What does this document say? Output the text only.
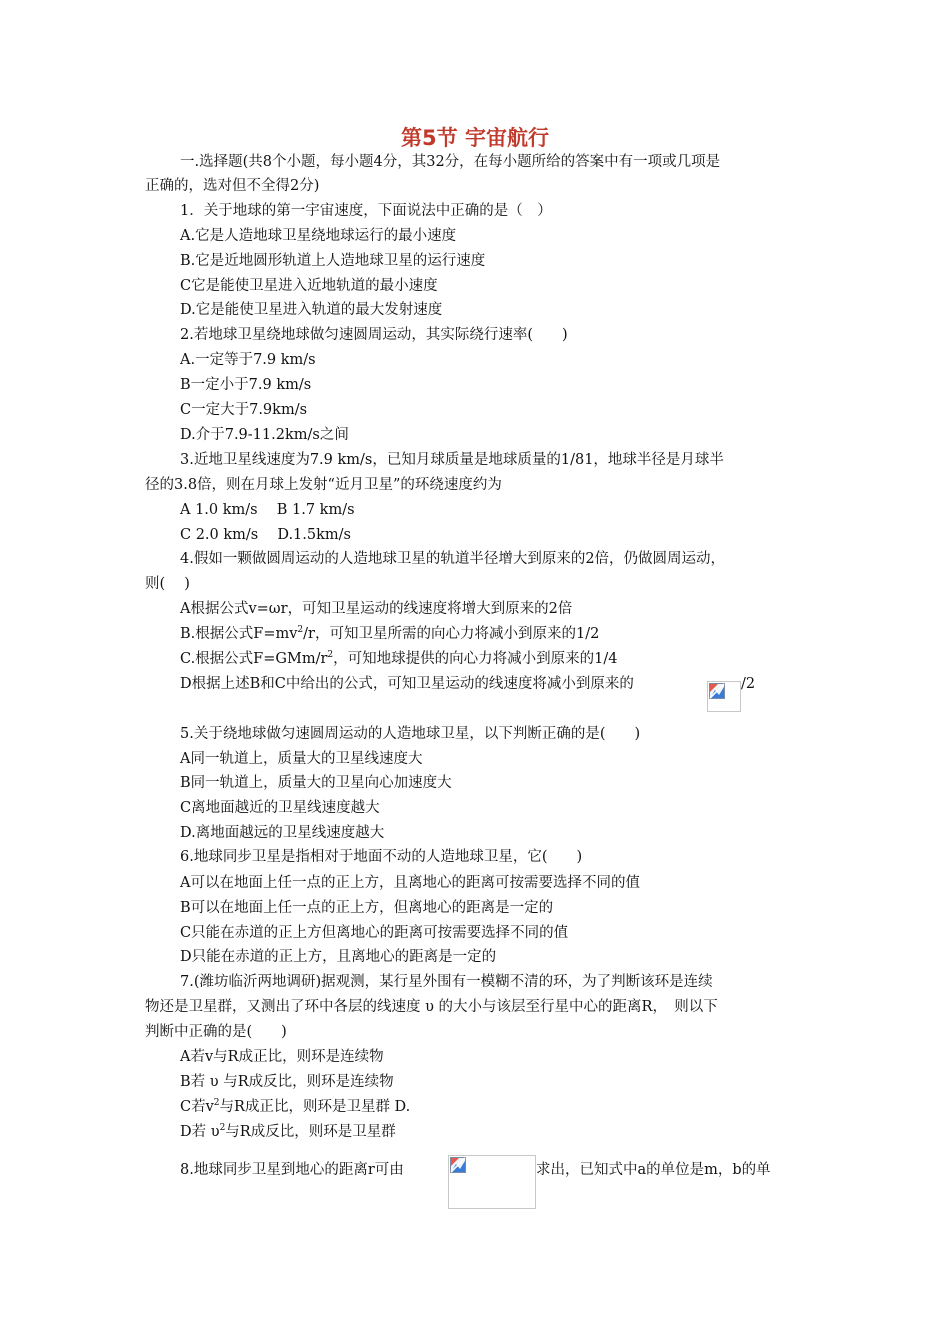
第5节 宇宙航行
一.选择题(共8个小题，每小题4分，其32分，在每小题所给的答案中有一项或几项是
正确的，选对但不全得2分)
1．关于地球的第一宇宙速度，下面说法中正确的是（　）
A.它是人造地球卫星绕地球运行的最小速度
B.它是近地圆形轨道上人造地球卫星的运行速度
C它是能使卫星进入近地轨道的最小速度
D.它是能使卫星进入轨道的最大发射速度
2.若地球卫星绕地球做匀速圆周运动，其实际绕行速率(　　)
A.一定等于7.9 km/s
B一定小于7.9 km/s
C一定大于7.9km/s
D.介于7.9-11.2km/s之间
3.近地卫星线速度为7.9 km/s，已知月球质量是地球质量的1/81，地球半径是月球半
径的3.8倍，则在月球上发射“近月卫星”的环绕速度约为
A 1.0 km/s　 B 1.7 km/s
C 2.0 km/s　 D.1.5km/s
4.假如一颗做圆周运动的人造地球卫星的轨道半径增大到原来的2倍，仍做圆周运动，
则(　 )
A根据公式v=ωr，可知卫星运动的线速度将增大到原来的2倍
B.根据公式$F=mv^2/r$，可知卫星所需的向心力将减小到原来的1/2
C.根据公式$F=GMm/r^2$，可知地球提供的向心力将减小到原来的1/4
D根据上述B和C中给出的公式，可知卫星运动的线速度将减小到原来的	/2
5.关于绕地球做匀速圆周运动的人造地球卫星，以下判断正确的是(　　)
A同一轨道上，质量大的卫星线速度大
B同一轨道上，质量大的卫星向心加速度大
C离地面越近的卫星线速度越大
D.离地面越远的卫星线速度越大
6.地球同步卫星是指相对于地面不动的人造地球卫星，它(　　)
A可以在地面上任一点的正上方，且离地心的距离可按需要选择不同的值
B可以在地面上任一点的正上方，但离地心的距离是一定的
C只能在赤道的正上方但离地心的距离可按需要选择不同的值
D只能在赤道的正上方，且离地心的距离是一定的
7.(潍坊临沂两地调研)据观测，某行星外围有一模糊不清的环，为了判断该环是连续
物还是卫星群，又测出了环中各层的线速度 υ 的大小与该层至行星中心的距离R，　则以下
判断中正确的是(　　)
A若v与R成正比，则环是连续物
B若 υ 与R成反比，则环是连续物
C若$v^2$与R成正比，则环是卫星群 D.
D若 $\upsilon^2$与R成反比，则环是卫星群
8.地球同步卫星到地心的距离r可由	求出，已知式中a的单位是m，b的单
